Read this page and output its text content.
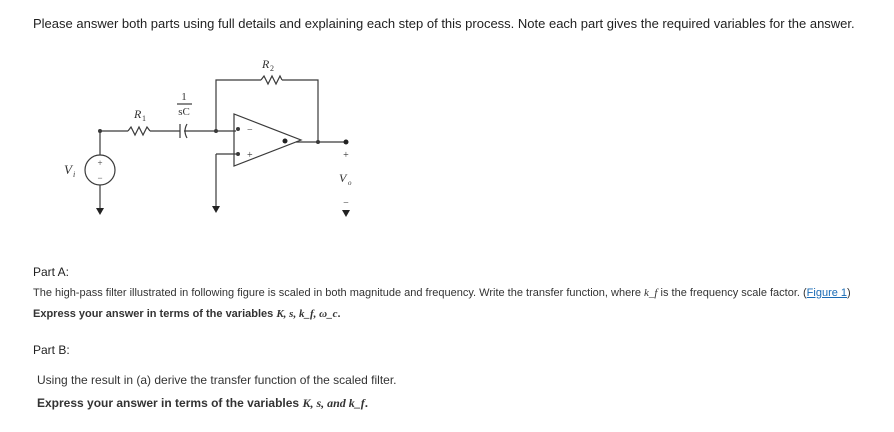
Please answer both parts using full details and explaining each step of this process. Note each part gives the required variables for the answer.
+
−
V i
R 1
1
sC
R 2
−
+	+
V o
−
Part A:
The high-pass filter illustrated in following figure is scaled in both magnitude and frequency. Write the transfer function, where k_f is the frequency scale factor. (Figure 1)
Express your answer in terms of the variables K, s, k_f, ω_c.
Part B:
Using the result in (a) derive the transfer function of the scaled filter.
Express your answer in terms of the variables K, s, and k_f.
